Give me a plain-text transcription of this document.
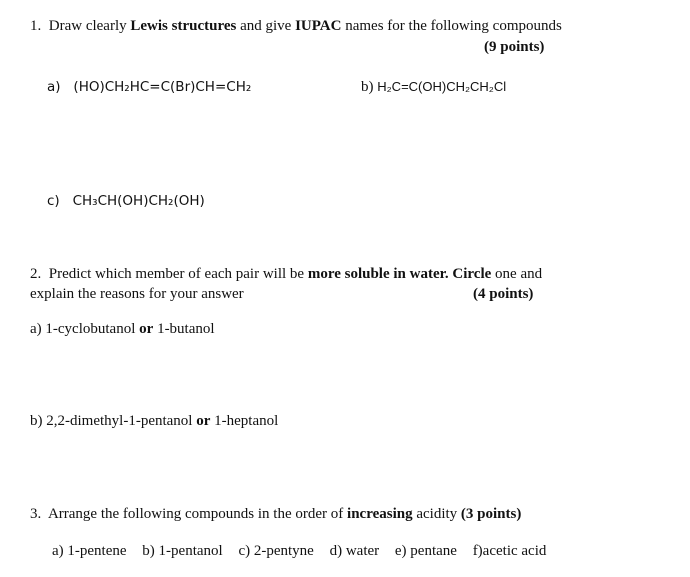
1. Draw clearly Lewis structures and give IUPAC names for the following compounds
(9 points)
a) (HO)CH₂HC=C(Br)CH=CH₂	b) H₂C=C(OH)CH₂CH₂Cl
c) CH₃CH(OH)CH₂(OH)
2. Predict which member of each pair will be more soluble in water. Circle one and
explain the reasons for your answer	(4 points)
a) 1-cyclobutanol or 1-butanol
b) 2,2-dimethyl-1-pentanol or 1-heptanol
3. Arrange the following compounds in the order of increasing acidity (3 points)
a) 1-pentene b) 1-pentanol c) 2-pentyne d) water e) pentane f)acetic acid
